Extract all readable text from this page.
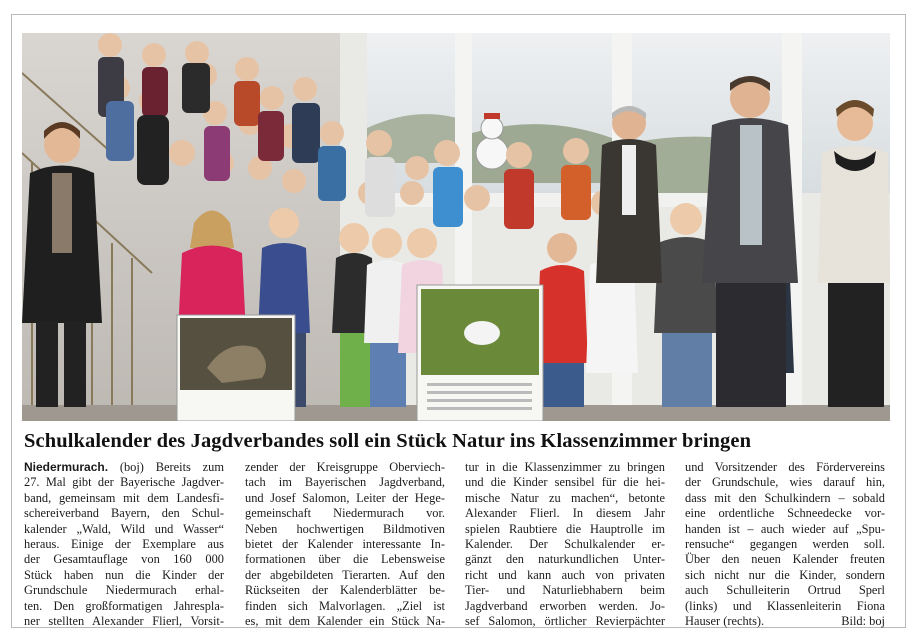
Schulkalender des Jagdverbandes soll ein Stück Natur ins Klassenzimmer bringen
Niedermurach. (boj) Bereits zum
27. Mal gibt der Bayerische Jagdver-
band, gemeinsam mit dem Landesfi-
schereiverband Bayern, den Schul-
kalender „Wald, Wild und Wasser“
heraus. Einige der Exemplare aus
der Gesamtauflage von 160 000
Stück haben nun die Kinder der
Grundschule Niedermurach erhal-
ten. Den großformatigen Jahrespla-
ner stellten Alexander Flierl, Vorsit-
zender der Kreisgruppe Oberviech-
tach im Bayerischen Jagdverband,
und Josef Salomon, Leiter der Hege-
gemeinschaft Niedermurach vor.
Neben hochwertigen Bildmotiven
bietet der Kalender interessante In-
formationen über die Lebensweise
der abgebildeten Tierarten. Auf den
Rückseiten der Kalenderblätter be-
finden sich Malvorlagen. „Ziel ist
es, mit dem Kalender ein Stück Na-
tur in die Klassenzimmer zu bringen
und die Kinder sensibel für die hei-
mische Natur zu machen“, betonte
Alexander Flierl. In diesem Jahr
spielen Raubtiere die Hauptrolle im
Kalender. Der Schulkalender er-
gänzt den naturkundlichen Unter-
richt und kann auch von privaten
Tier- und Naturliebhabern beim
Jagdverband erworben werden. Jo-
sef Salomon, örtlicher Revierpächter
und Vorsitzender des Fördervereins
der Grundschule, wies darauf hin,
dass mit den Schulkindern – sobald
eine ordentliche Schneedecke vor-
handen ist – auch wieder auf „Spu-
rensuche“ gegangen werden soll.
Über den neuen Kalender freuten
sich nicht nur die Kinder, sondern
auch Schulleiterin Ortrud Sperl
(links) und Klassenleiterin Fiona
Hauser (rechts).	Bild: boj
